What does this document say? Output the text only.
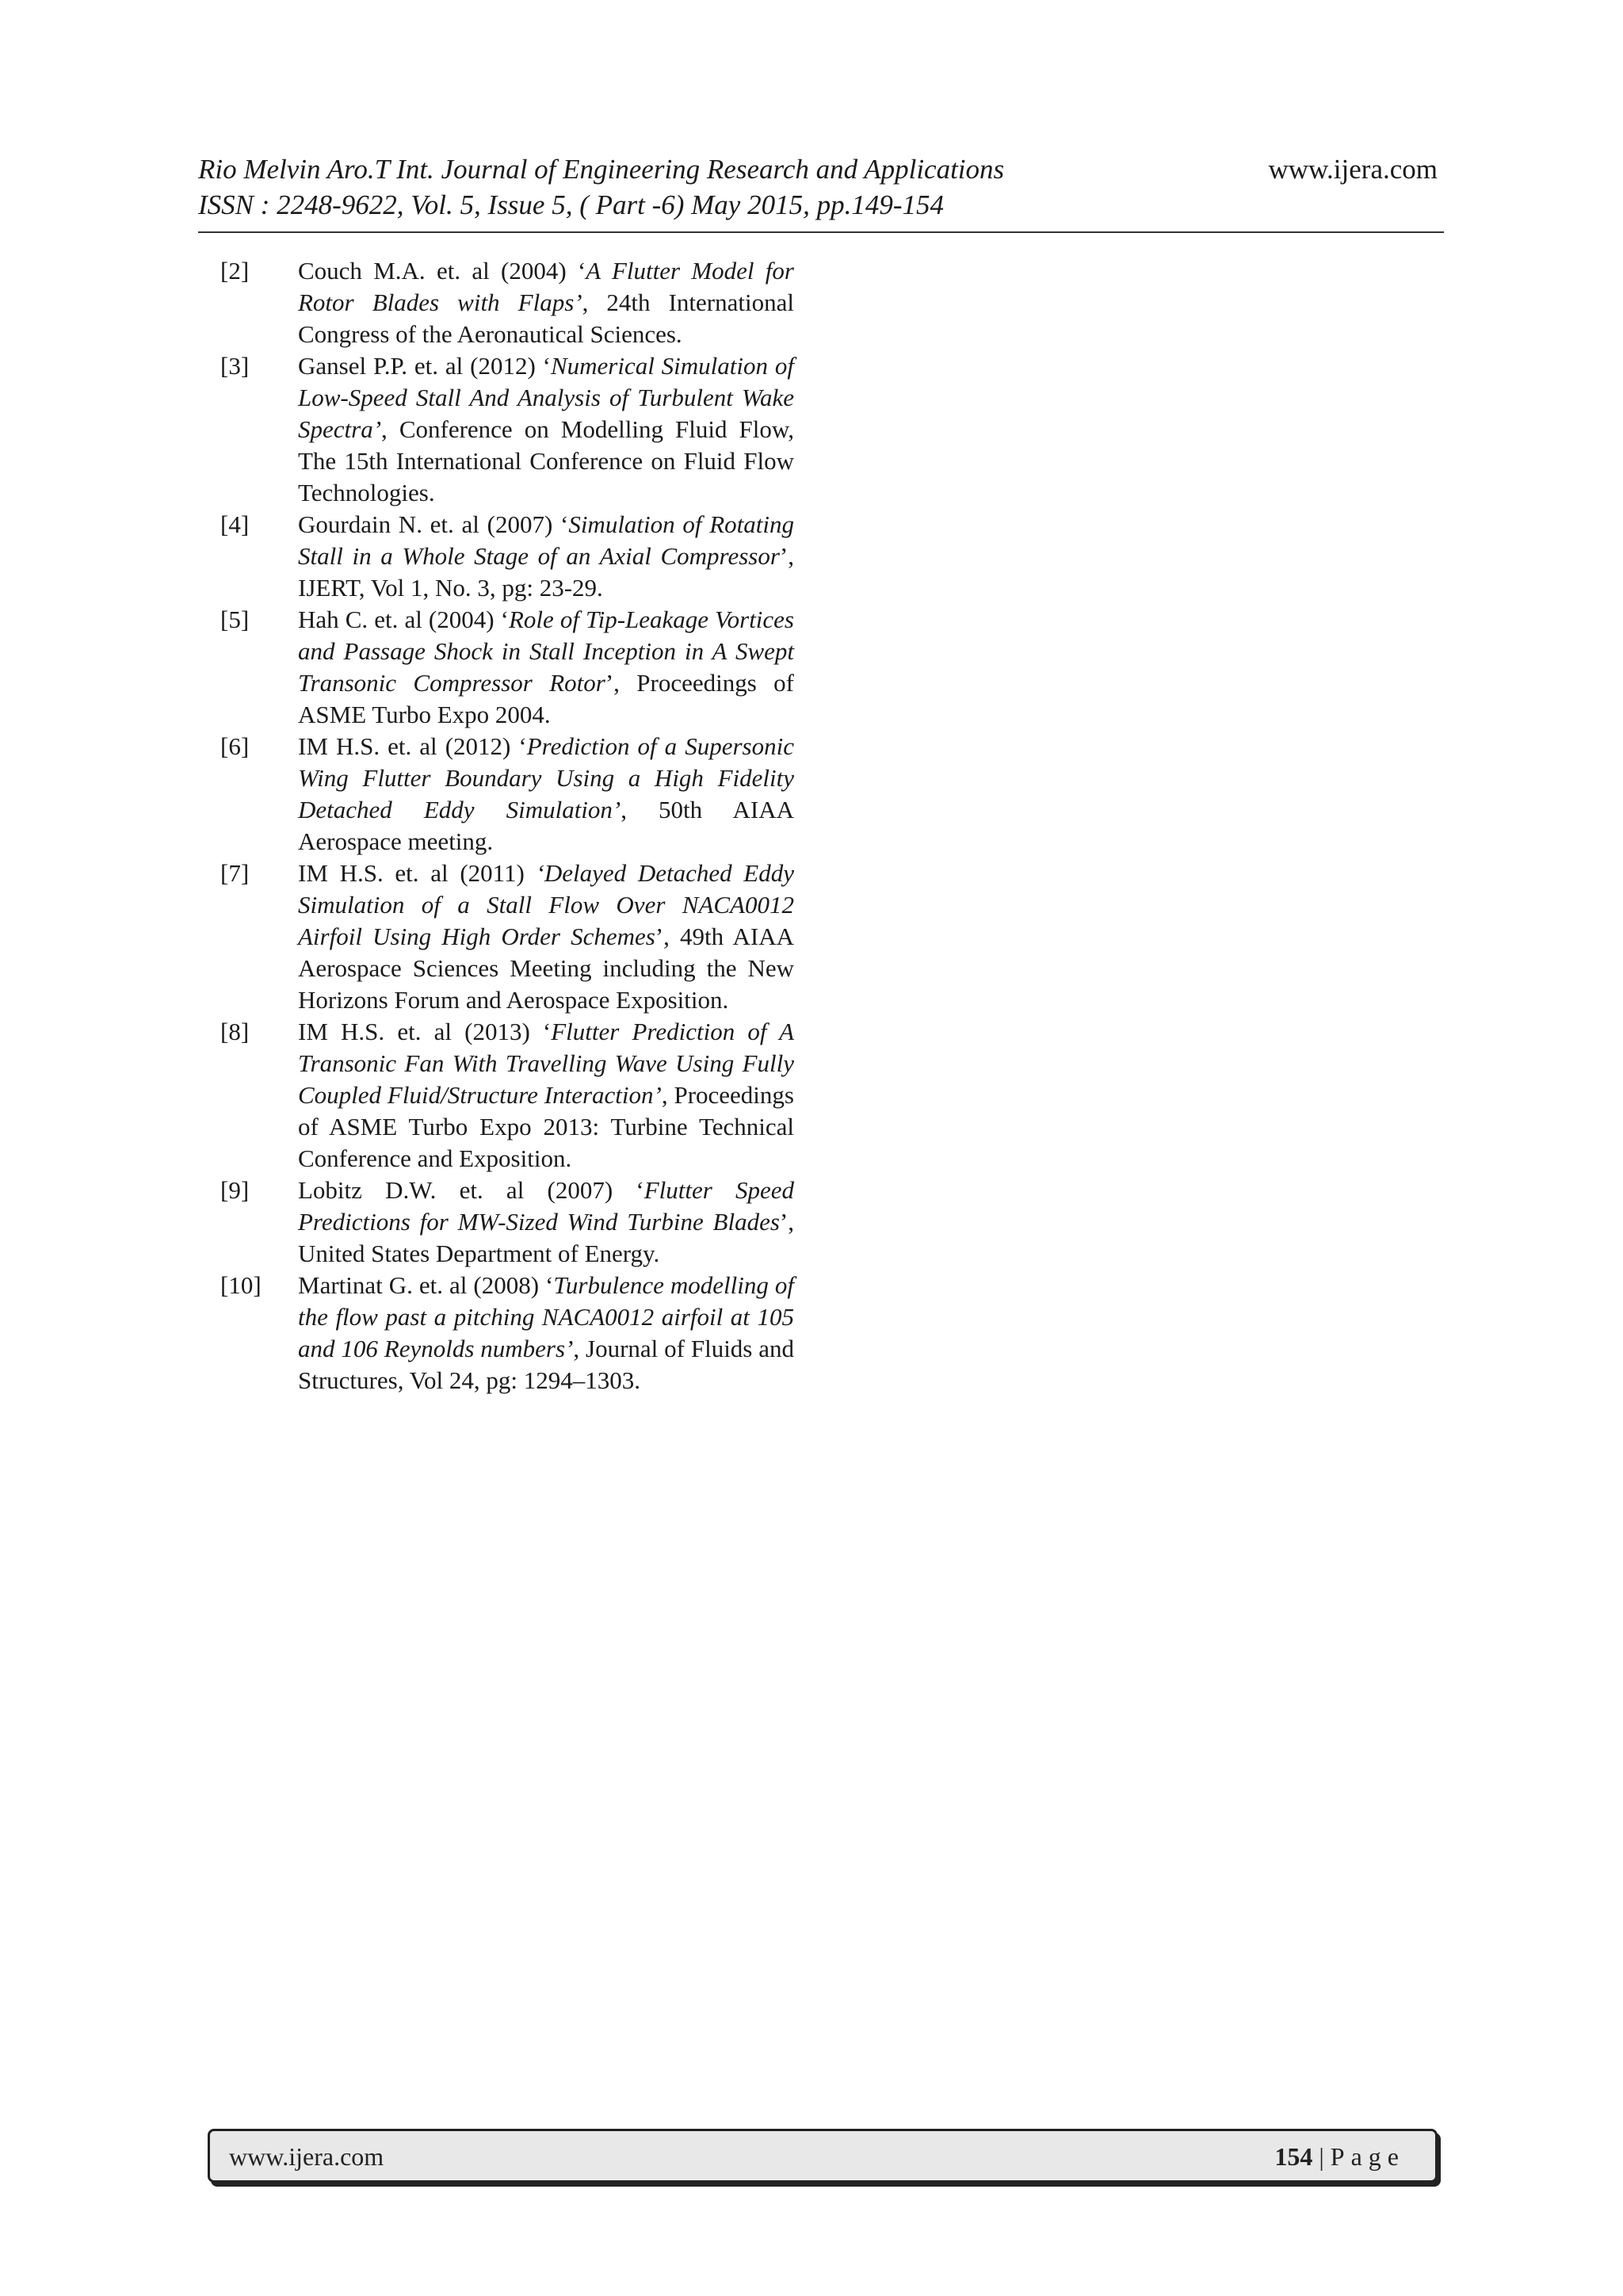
Rio Melvin Aro.T Int. Journal of Engineering Research and Applications	www.ijera.com
ISSN : 2248-9622, Vol. 5, Issue 5, ( Part -6) May 2015, pp.149-154
[2] Couch M.A. et. al (2004) ‘A Flutter Model for Rotor Blades with Flaps’, 24th International Congress of the Aeronautical Sciences.
[3] Gansel P.P. et. al (2012) ‘Numerical Simulation of Low-Speed Stall And Analysis of Turbulent Wake Spectra’, Conference on Modelling Fluid Flow, The 15th International Conference on Fluid Flow Technologies.
[4] Gourdain N. et. al (2007) ‘Simulation of Rotating Stall in a Whole Stage of an Axial Compressor’, IJERT, Vol 1, No. 3, pg: 23-29.
[5] Hah C. et. al (2004) ‘Role of Tip-Leakage Vortices and Passage Shock in Stall Inception in A Swept Transonic Compressor Rotor’, Proceedings of ASME Turbo Expo 2004.
[6] IM H.S. et. al (2012) ‘Prediction of a Supersonic Wing Flutter Boundary Using a High Fidelity Detached Eddy Simulation’, 50th AIAA Aerospace meeting.
[7] IM H.S. et. al (2011) ‘Delayed Detached Eddy Simulation of a Stall Flow Over NACA0012 Airfoil Using High Order Schemes’, 49th AIAA Aerospace Sciences Meeting including the New Horizons Forum and Aerospace Exposition.
[8] IM H.S. et. al (2013) ‘Flutter Prediction of A Transonic Fan With Travelling Wave Using Fully Coupled Fluid/Structure Interaction’, Proceedings of ASME Turbo Expo 2013: Turbine Technical Conference and Exposition.
[9] Lobitz D.W. et. al (2007) ‘Flutter Speed Predictions for MW-Sized Wind Turbine Blades’, United States Department of Energy.
[10] Martinat G. et. al (2008) ‘Turbulence modelling of the flow past a pitching NACA0012 airfoil at 105 and 106 Reynolds numbers’, Journal of Fluids and Structures, Vol 24, pg: 1294–1303.
www.ijera.com	154 | Page
